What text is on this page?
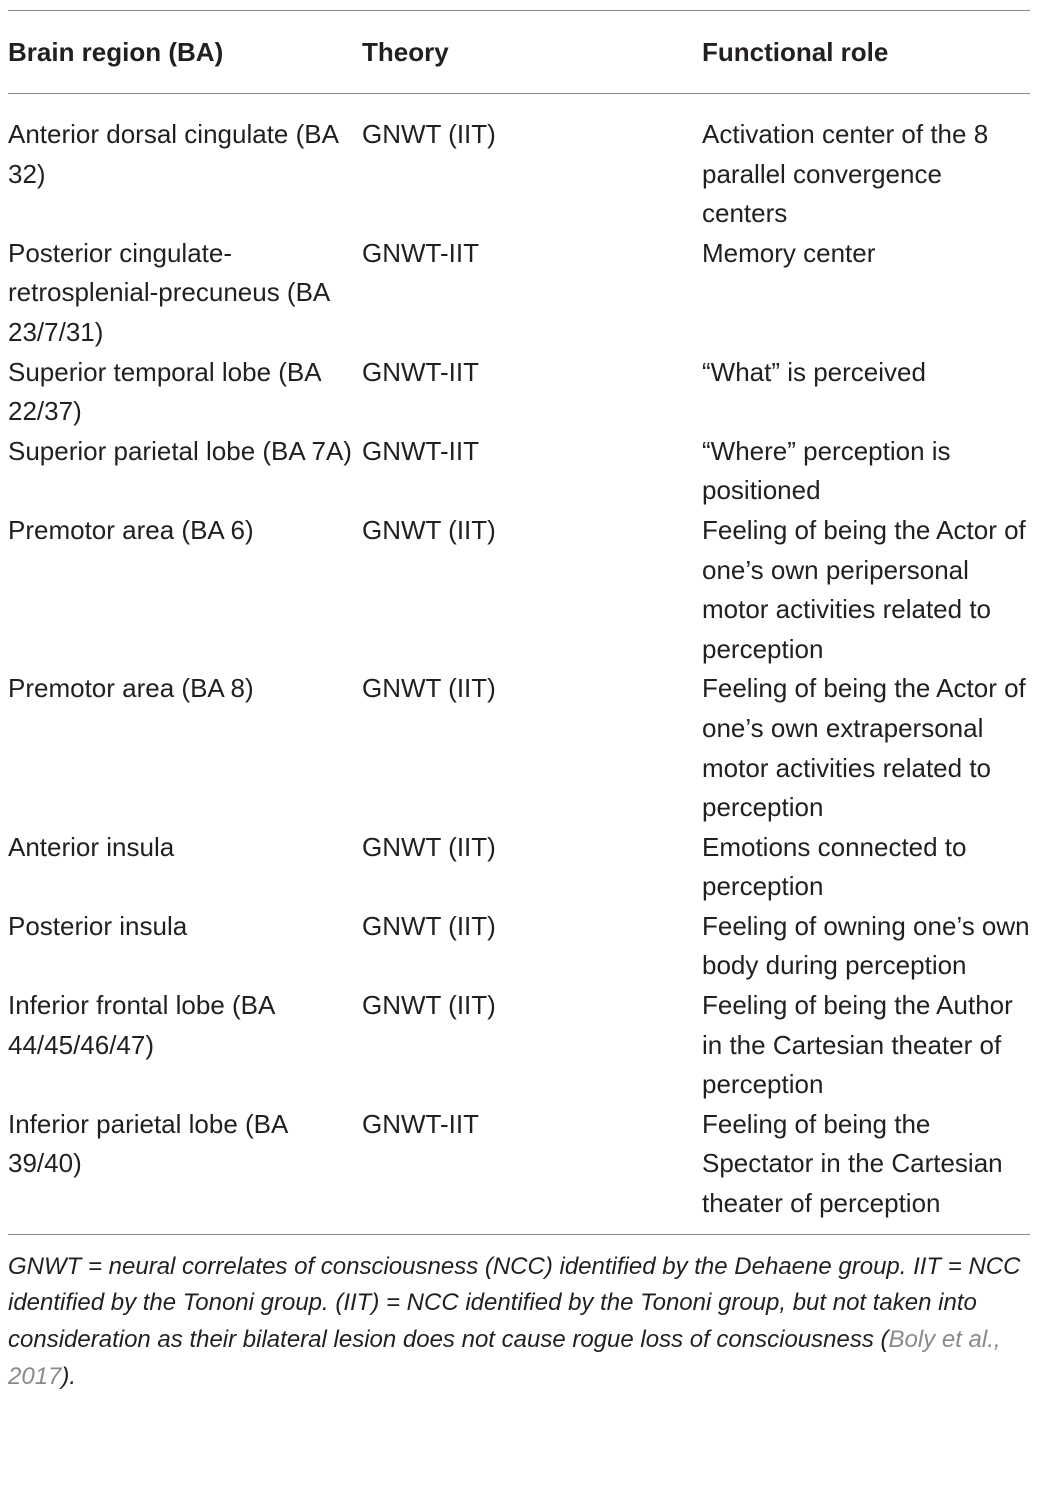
Brain region (BA)	Theory	Functional role
Anterior dorsal cingulate (BA 32)	GNWT (IIT)	Activation center of the 8 parallel convergence centers
Posterior cingulate-retrosplenial-precuneus (BA 23/7/31)	GNWT-IIT	Memory center
Superior temporal lobe (BA 22/37)	GNWT-IIT	“What” is perceived
Superior parietal lobe (BA 7A)	GNWT-IIT	“Where” perception is positioned
Premotor area (BA 6)	GNWT (IIT)	Feeling of being the Actor of one’s own peripersonal motor activities related to perception
Premotor area (BA 8)	GNWT (IIT)	Feeling of being the Actor of one’s own extrapersonal motor activities related to perception
Anterior insula	GNWT (IIT)	Emotions connected to perception
Posterior insula	GNWT (IIT)	Feeling of owning one’s own body during perception
Inferior frontal lobe (BA 44/45/46/47)	GNWT (IIT)	Feeling of being the Author in the Cartesian theater of perception
Inferior parietal lobe (BA 39/40)	GNWT-IIT	Feeling of being the Spectator in the Cartesian theater of perception
GNWT = neural correlates of consciousness (NCC) identified by the Dehaene group. IIT = NCC identified by the Tononi group. (IIT) = NCC identified by the Tononi group, but not taken into consideration as their bilateral lesion does not cause rogue loss of consciousness (Boly et al., 2017).
